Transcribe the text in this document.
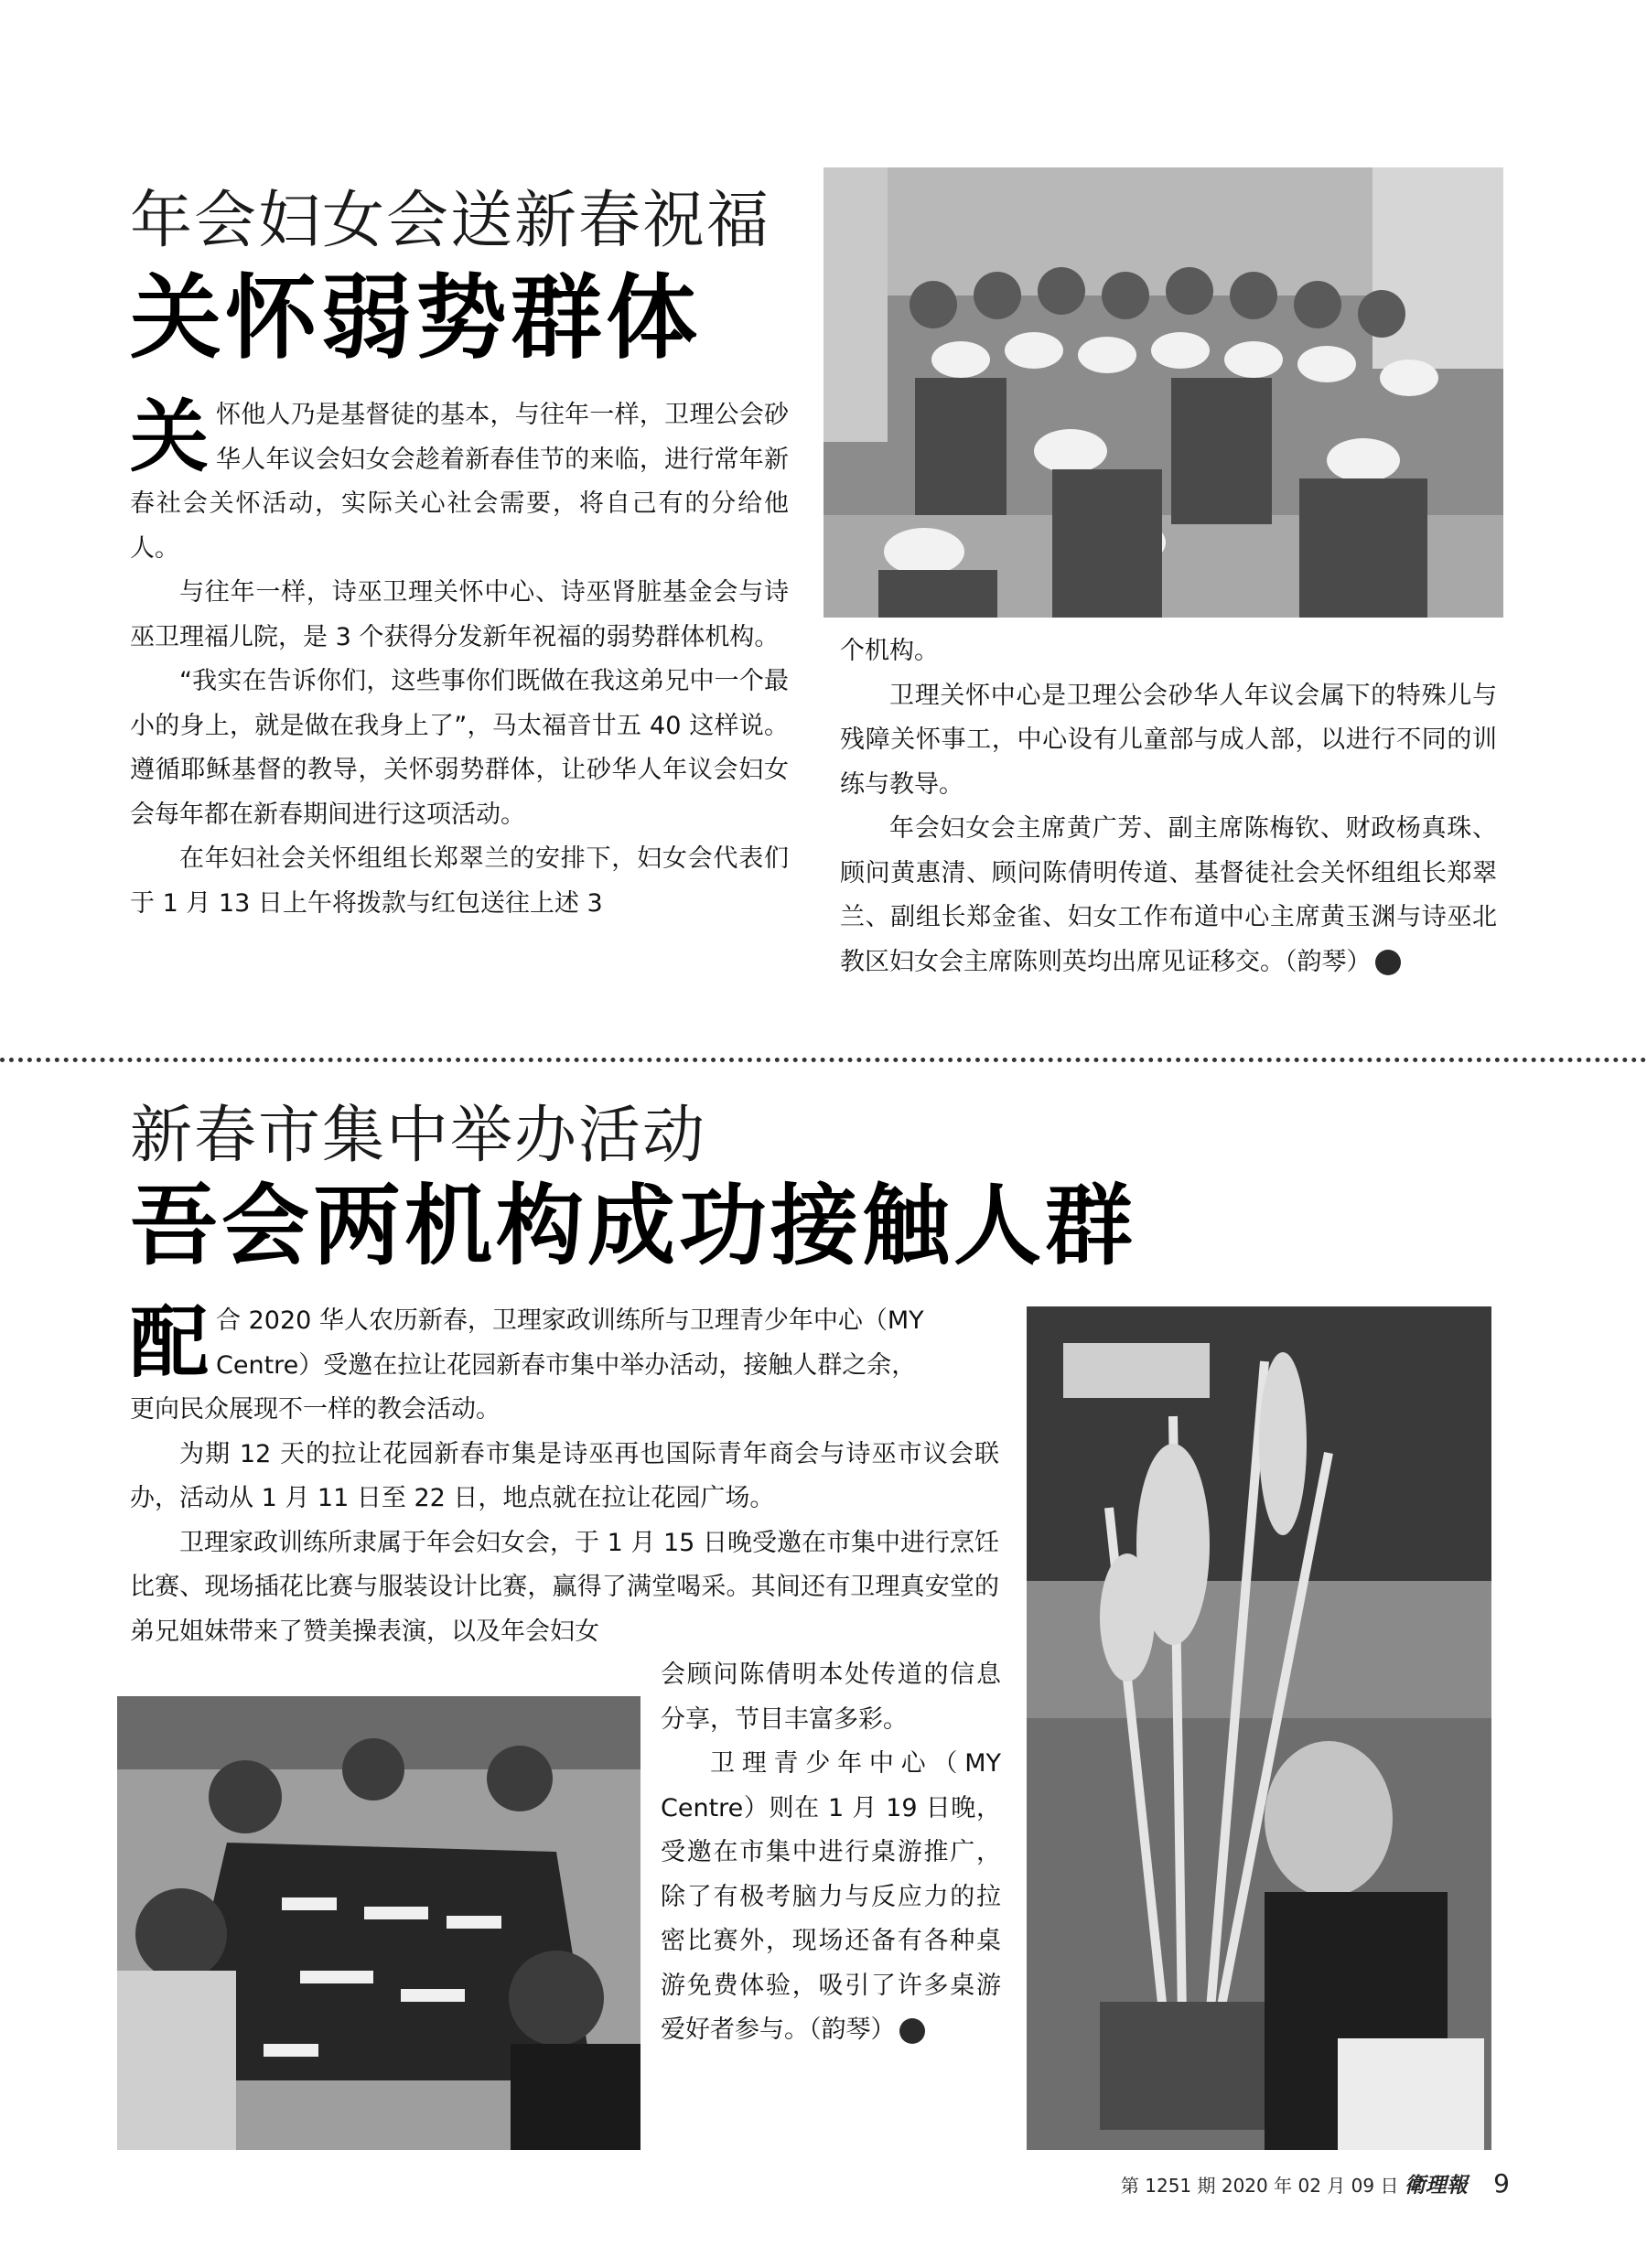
年会妇女会送新春祝福
关怀弱势群体

关怀他人乃是基督徒的基本，与往年一样，卫理公会砂华人年议会妇女会趁着新春佳节的来临，进行常年新春社会关怀活动，实际关心社会需要，将自己有的分给他人。

与往年一样，诗巫卫理关怀中心、诗巫肾脏基金会与诗巫卫理福儿院，是 3 个获得分发新年祝福的弱势群体机构。

“我实在告诉你们，这些事你们既做在我这弟兄中一个最小的身上，就是做在我身上了”，马太福音廿五 40 这样说。遵循耶稣基督的教导，关怀弱势群体，让砂华人年议会妇女会每年都在新春期间进行这项活动。

在年妇社会关怀组组长郑翠兰的安排下，妇女会代表们于 1 月 13 日上午将拨款与红包送往上述 3

个机构。

卫理关怀中心是卫理公会砂华人年议会属下的特殊儿与残障关怀事工，中心设有儿童部与成人部，以进行不同的训练与教导。

年会妇女会主席黄广芳、副主席陈梅钦、财政杨真珠、顾问黄惠清、顾问陈倩明传道、基督徒社会关怀组组长郑翠兰、副组长郑金雀、妇女工作布道中心主席黄玉渊与诗巫北教区妇女会主席陈则英均出席见证移交。（韵琴）	●

新春市集中举办活动
吾会两机构成功接触人群

配合 2020 华人农历新春，卫理家政训练所与卫理青少年中心（MY
Centre）受邀在拉让花园新春市集中举办活动，接触人群之余，
更向民众展现不一样的教会活动。

为期 12 天的拉让花园新春市集是诗巫再也国际青年商会与诗巫市议会联办，活动从 1 月 11 日至 22 日，地点就在拉让花园广场。

卫理家政训练所隶属于年会妇女会，于 1 月 15 日晚受邀在市集中进行烹饪比赛、现场插花比赛与服装设计比赛，赢得了满堂喝采。其间还有卫理真安堂的弟兄姐妹带来了赞美操表演，以及年会妇女

会顾问陈倩明本处传道的信息分享，节目丰富多彩。

卫理青少年中心（MY Centre）则在 1 月 19 日晚，受邀在市集中进行桌游推广，除了有极考脑力与反应力的拉密比赛外，现场还备有各种桌游免费体验，吸引了许多桌游爱好者参与。（韵琴）	●

第 1251 期 2020 年 02 月 09 日 衛理報 9
